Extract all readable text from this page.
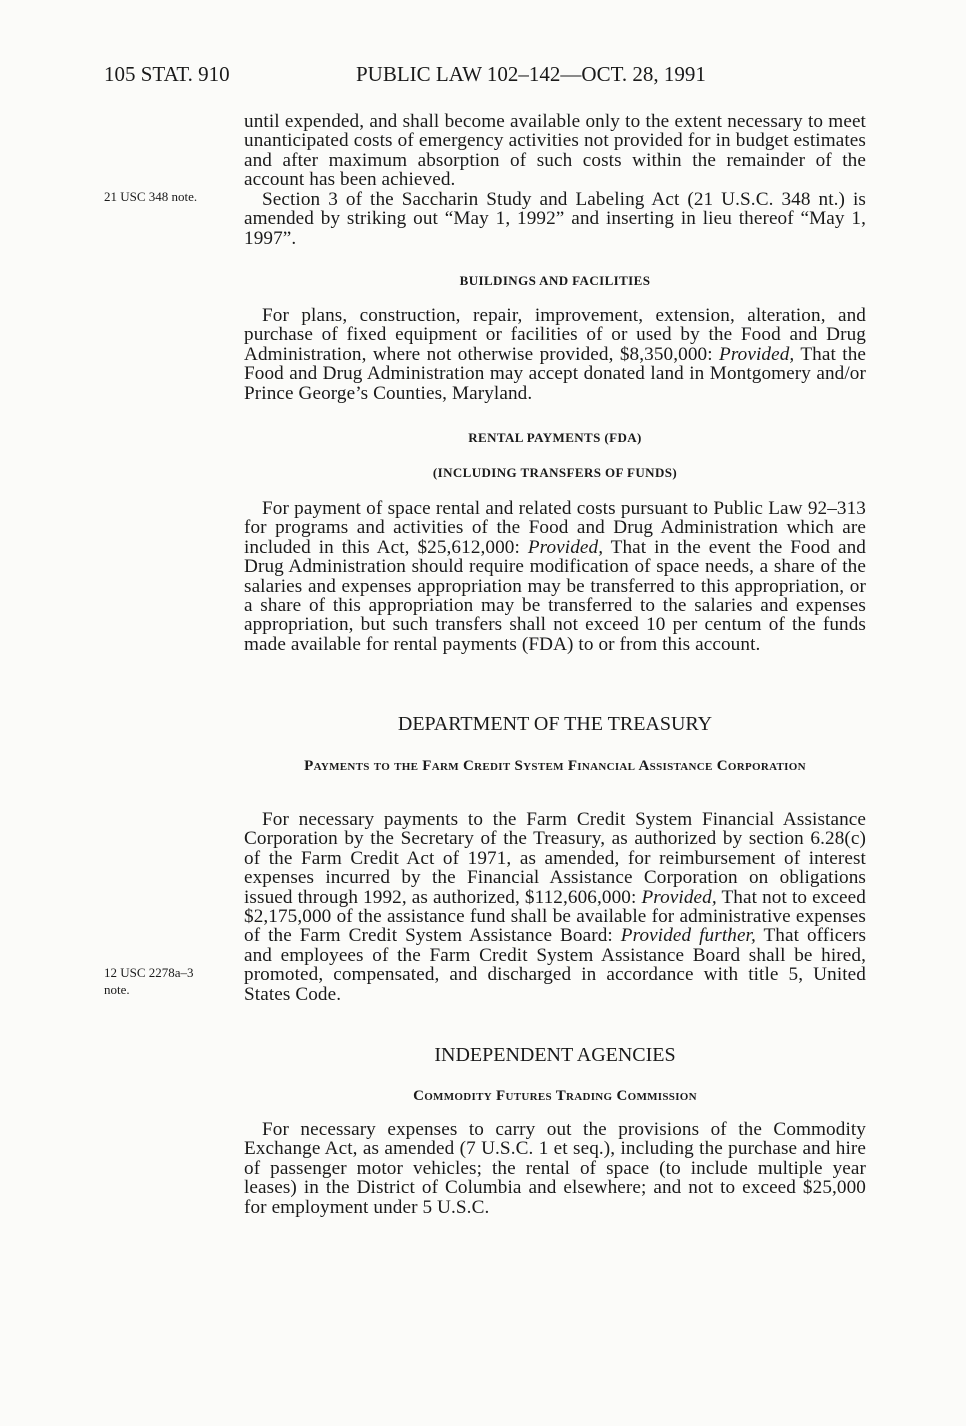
105 STAT. 910	PUBLIC LAW 102–142—OCT. 28, 1991
21 USC 348 note.
12 USC 2278a–3
note.

until expended, and shall become available only to the extent necessary to meet unanticipated costs of emergency activities not provided for in budget estimates and after maximum absorption of such costs within the remainder of the account has been achieved.

Section 3 of the Saccharin Study and Labeling Act (21 U.S.C. 348 nt.) is amended by striking out “May 1, 1992” and inserting in lieu thereof “May 1, 1997”.

BUILDINGS AND FACILITIES

For plans, construction, repair, improvement, extension, alteration, and purchase of fixed equipment or facilities of or used by the Food and Drug Administration, where not otherwise provided, $8,350,000: Provided, That the Food and Drug Administration may accept donated land in Montgomery and/or Prince George’s Counties, Maryland.

RENTAL PAYMENTS (FDA)

(INCLUDING TRANSFERS OF FUNDS)

For payment of space rental and related costs pursuant to Public Law 92–313 for programs and activities of the Food and Drug Administration which are included in this Act, $25,612,000: Provided, That in the event the Food and Drug Administration should require modification of space needs, a share of the salaries and expenses appropriation may be transferred to this appropriation, or a share of this appropriation may be transferred to the salaries and expenses appropriation, but such transfers shall not exceed 10 per centum of the funds made available for rental payments (FDA) to or from this account.

DEPARTMENT OF THE TREASURY

Payments to the Farm Credit System Financial Assistance Corporation

For necessary payments to the Farm Credit System Financial Assistance Corporation by the Secretary of the Treasury, as authorized by section 6.28(c) of the Farm Credit Act of 1971, as amended, for reimbursement of interest expenses incurred by the Financial Assistance Corporation on obligations issued through 1992, as authorized, $112,606,000: Provided, That not to exceed $2,175,000 of the assistance fund shall be available for administrative expenses of the Farm Credit System Assistance Board: Provided further, That officers and employees of the Farm Credit System Assistance Board shall be hired, promoted, compensated, and discharged in accordance with title 5, United States Code.

INDEPENDENT AGENCIES

Commodity Futures Trading Commission

For necessary expenses to carry out the provisions of the Commodity Exchange Act, as amended (7 U.S.C. 1 et seq.), including the purchase and hire of passenger motor vehicles; the rental of space (to include multiple year leases) in the District of Columbia and elsewhere; and not to exceed $25,000 for employment under 5 U.S.C.
